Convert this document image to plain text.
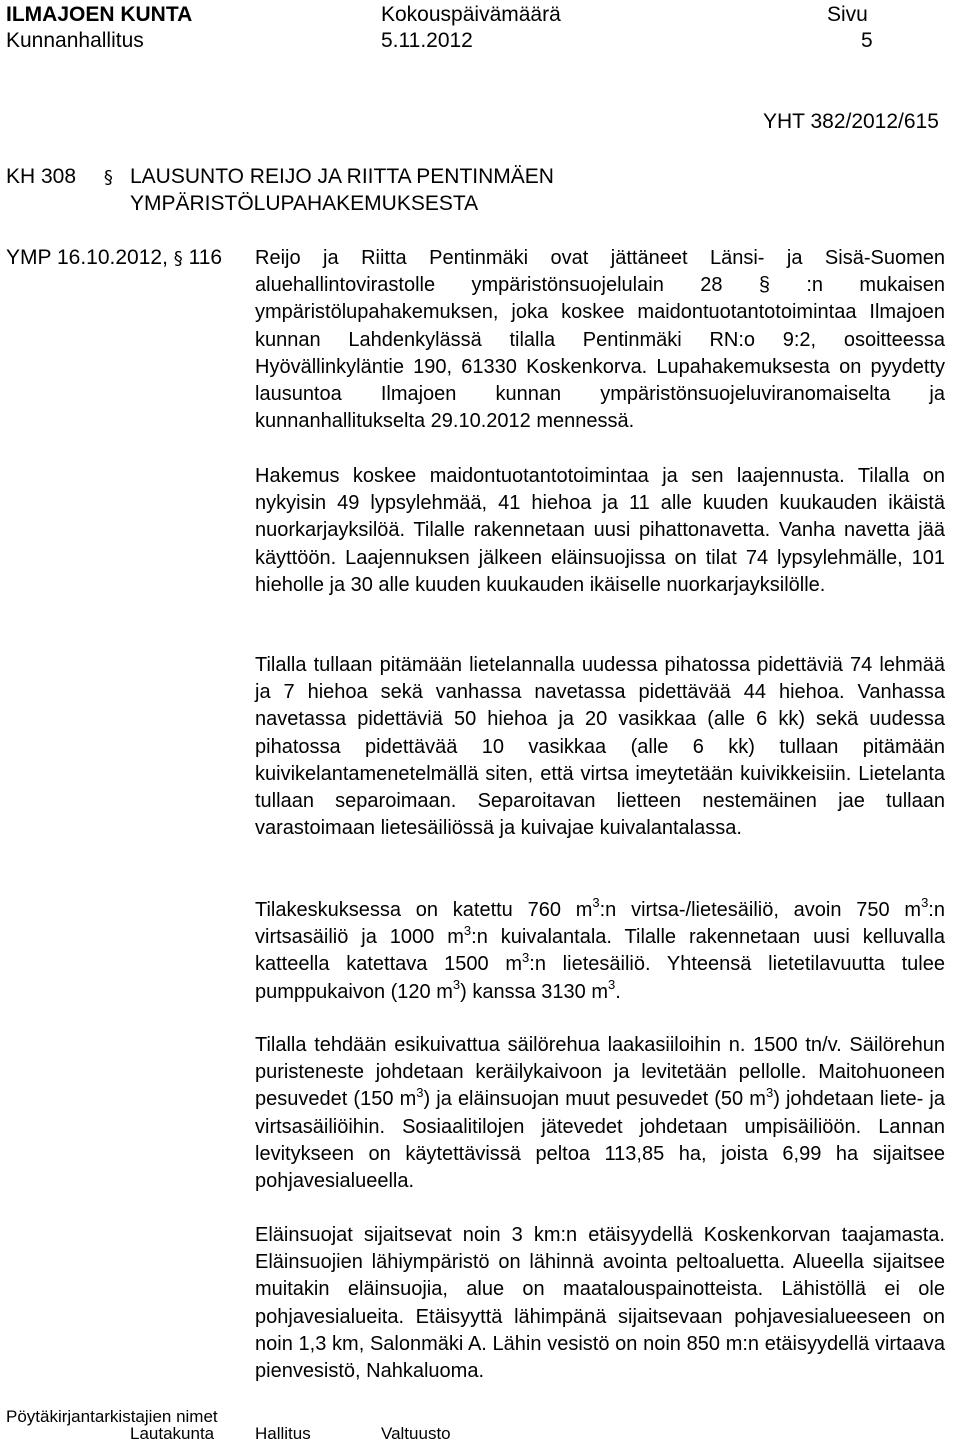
ILMAJOEN KUNTA	Kokouspäivämäärä	Sivu
Kunnanhallitus	5.11.2012	5
YHT 382/2012/615
KH 308 § LAUSUNTO REIJO JA RIITTA PENTINMÄEN
YMPÄRISTÖLUPAHAKEMUKSESTA
YMP 16.10.2012, § 116 Reijo ja Riitta Pentinmäki ovat jättäneet Länsi- ja Sisä-Suomen aluehallintovirastolle ympäristönsuojelulain 28 § :n mukaisen ympäristölupahakemuksen, joka koskee maidontuotantotoimintaa Ilmajoen kunnan Lahdenkylässä tilalla Pentinmäki RN:o 9:2, osoitteessa Hyövällinkyläntie 190, 61330 Koskenkorva. Lupahakemuksesta on pyydetty lausuntoa Ilmajoen kunnan ympäristönsuojeluviranomaiselta ja kunnanhallitukselta 29.10.2012 mennessä.

Hakemus koskee maidontuotantotoimintaa ja sen laajennusta. Tilalla on nykyisin 49 lypsylehmää, 41 hiehoa ja 11 alle kuuden kuukauden ikäistä nuorkarjayksilöä. Tilalle rakennetaan uusi pihattonavetta. Vanha navetta jää käyttöön. Laajennuksen jälkeen eläinsuojissa on tilat 74 lypsylehmälle, 101 hieholle ja 30 alle kuuden kuukauden ikäiselle nuorkarjayksilölle.

Tilalla tullaan pitämään lietelannalla uudessa pihatossa pidettäviä 74 lehmää ja 7 hiehoa sekä vanhassa navetassa pidettävää 44 hiehoa. Vanhassa navetassa pidettäviä 50 hiehoa ja 20 vasikkaa (alle 6 kk) sekä uudessa pihatossa pidettävää 10 vasikkaa (alle 6 kk) tullaan pitämään kuivikelantamenetelmällä siten, että virtsa imeytetään kuivikkeisiin. Lietelanta tullaan separoimaan. Separoitavan lietteen nestemäinen jae tullaan varastoimaan lietesäiliössä ja kuivajae kuivalantalassa.

Tilakeskuksessa on katettu 760 $m^3:n$ virtsa-/lietesäiliö, avoin 750 $m^3:n$ virtsasäiliö ja 1000 $m^3:n$ kuivalantala. Tilalle rakennetaan uusi kelluvalla katteella katettava 1500 $m^3:n$ lietesäiliö. Yhteensä lietetilavuutta tulee pumppukaivon (120 $m^3$) kanssa 3130 $m^3$.

Tilalla tehdään esikuivattua säilörehua laakasiiloihin n. 1500 tn/v. Säilörehun puristeneste johdetaan keräilykaivoon ja levitetään pellolle. Maitohuoneen pesuvedet (150 $m^3$) ja eläinsuojan muut pesuvedet (50 $m^3$) johdetaan liete- ja virtsasäiliöihin. Sosiaalitilojen jätevedet johdetaan umpisäiliöön. Lannan levitykseen on käytettävissä peltoa 113,85 ha, joista 6,99 ha sijaitsee pohjavesialueella.

Eläinsuojat sijaitsevat noin 3 km:n etäisyydellä Koskenkorvan taajamasta. Eläinsuojien lähiympäristö on lähinnä avointa peltoaluetta. Alueella sijaitsee muitakin eläinsuojia, alue on maatalouspainotteista. Lähistöllä ei ole pohjavesialueita. Etäisyyttä lähimpänä sijaitsevaan pohjavesialueeseen on noin 1,3 km, Salonmäki A. Lähin vesistö on noin 850 m:n etäisyydellä virtaava pienvesistö, Nahkaluoma.

Pöytäkirjantarkistajien nimet
Lautakunta Hallitus	Valtuusto
